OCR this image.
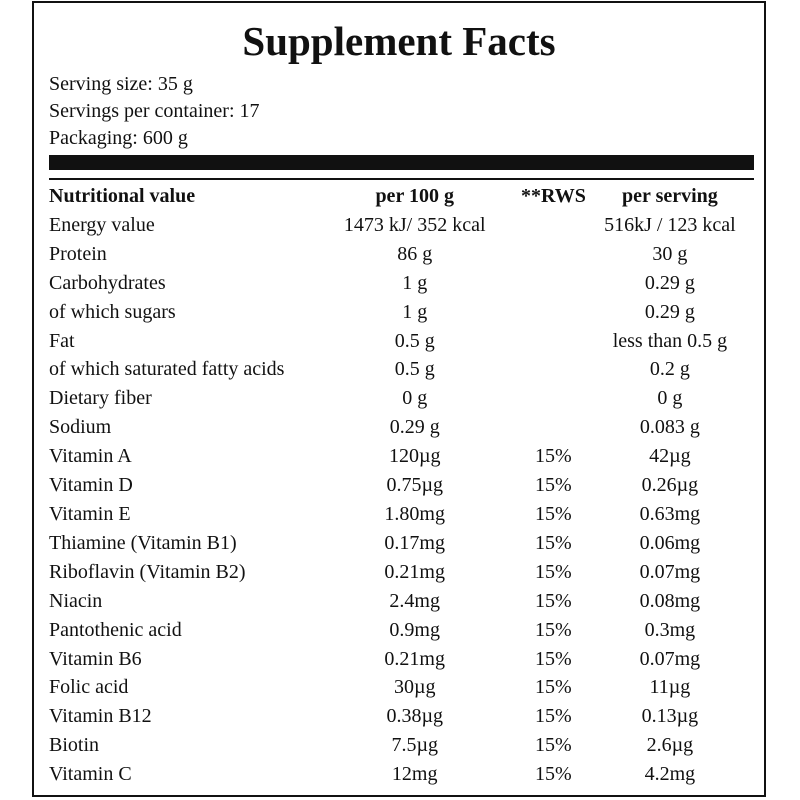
Supplement Facts
Serving size: 35 g
Servings per container: 17
Packaging: 600 g
Nutritional value	per 100 g	**RWS	per serving
Energy value	1473 kJ/ 352 kcal		516kJ / 123 kcal
Protein	86 g		30 g
Carbohydrates	1 g		0.29 g
of which sugars	1 g		0.29 g
Fat	0.5 g		less than 0.5 g
of which saturated fatty acids	0.5 g		0.2 g
Dietary fiber	0 g		0 g
Sodium	0.29 g		0.083 g
Vitamin A	120µg	15%	42µg
Vitamin D	0.75µg	15%	0.26µg
Vitamin E	1.80mg	15%	0.63mg
Thiamine (Vitamin B1)	0.17mg	15%	0.06mg
Riboflavin (Vitamin B2)	0.21mg	15%	0.07mg
Niacin	2.4mg	15%	0.08mg
Pantothenic acid	0.9mg	15%	0.3mg
Vitamin B6	0.21mg	15%	0.07mg
Folic acid	30µg	15%	11µg
Vitamin B12	0.38µg	15%	0.13µg
Biotin	7.5µg	15%	2.6µg
Vitamin C	12mg	15%	4.2mg
